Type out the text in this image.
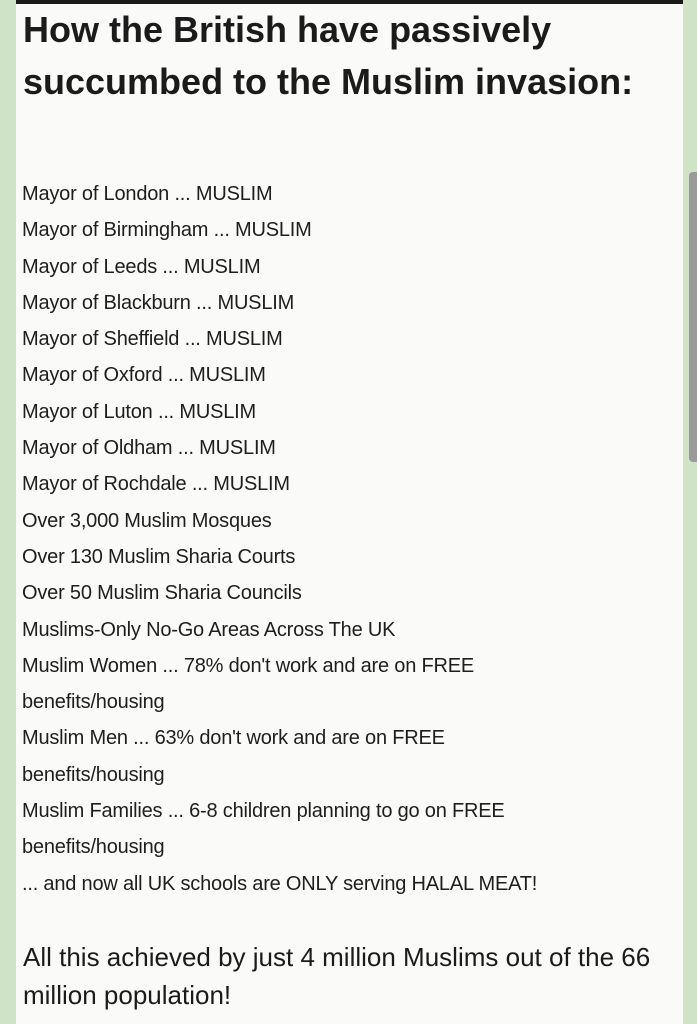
How the British have passively succumbed to the Muslim invasion:
Mayor of London ... MUSLIM
Mayor of Birmingham ... MUSLIM
Mayor of Leeds ... MUSLIM
Mayor of Blackburn ... MUSLIM
Mayor of Sheffield ... MUSLIM
Mayor of Oxford ... MUSLIM
Mayor of Luton ... MUSLIM
Mayor of Oldham ... MUSLIM
Mayor of Rochdale ... MUSLIM
Over 3,000 Muslim Mosques
Over 130 Muslim Sharia Courts
Over 50 Muslim Sharia Councils
Muslims-Only No-Go Areas Across The UK
Muslim Women ... 78% don't work and are on FREE
benefits/housing
Muslim Men ... 63% don't work and are on FREE
benefits/housing
Muslim Families ... 6-8 children planning to go on FREE
benefits/housing
... and now all UK schools are ONLY serving HALAL MEAT!

All this achieved by just 4 million Muslims out of the 66 million population!
